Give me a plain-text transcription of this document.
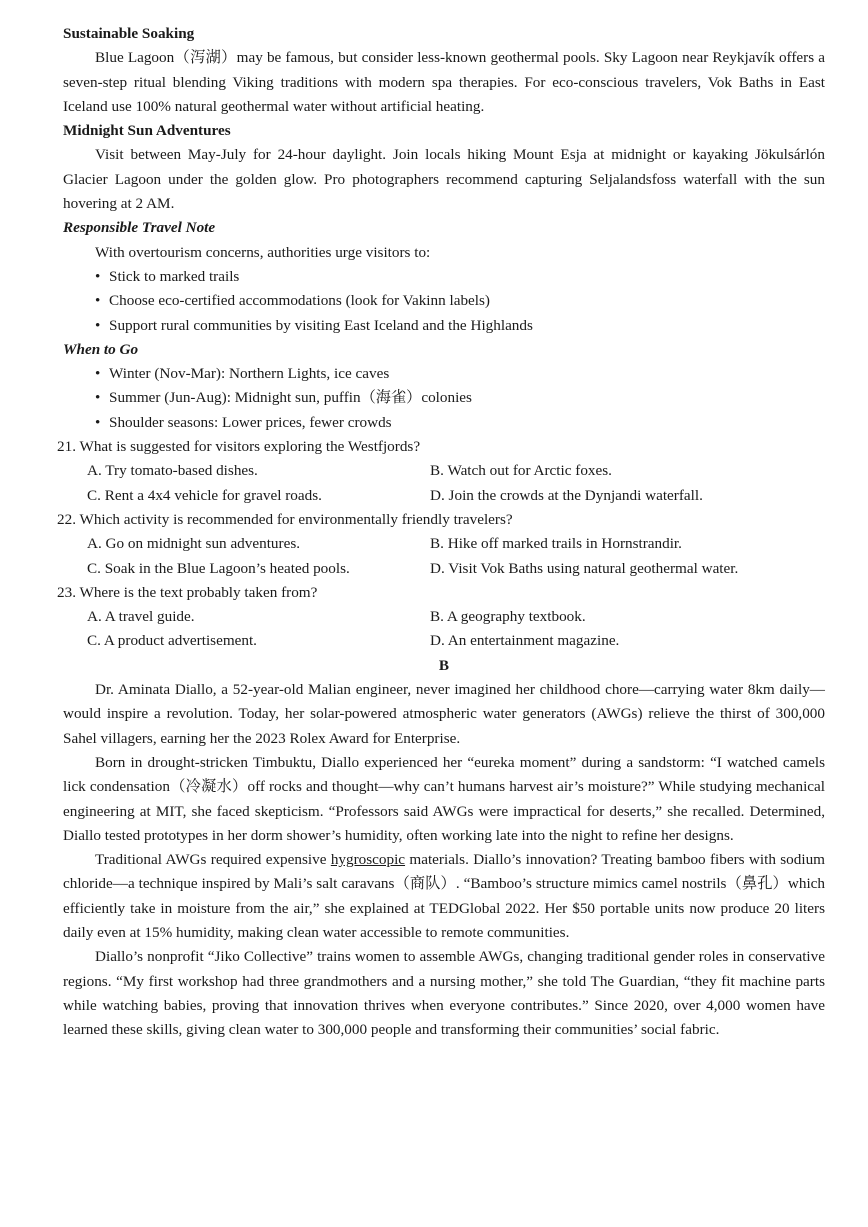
Sustainable Soaking

Blue Lagoon（泻湖）may be famous, but consider less-known geothermal pools. Sky Lagoon near Reykjavík offers a seven-step ritual blending Viking traditions with modern spa therapies. For eco-conscious travelers, Vok Baths in East Iceland use 100% natural geothermal water without artificial heating.

Midnight Sun Adventures

Visit between May-July for 24-hour daylight. Join locals hiking Mount Esja at midnight or kayaking Jökulsárlón Glacier Lagoon under the golden glow. Pro photographers recommend capturing Seljalandsfoss waterfall with the sun hovering at 2 AM.

Responsible Travel Note

With overtourism concerns, authorities urge visitors to:

• Stick to marked trails
• Choose eco-certified accommodations (look for Vakinn labels)
• Support rural communities by visiting East Iceland and the Highlands
When to Go
• Winter (Nov-Mar): Northern Lights, ice caves
• Summer (Jun-Aug): Midnight sun, puffin（海雀）colonies
• Shoulder seasons: Lower prices, fewer crowds
21. What is suggested for visitors exploring the Westfjords?
A. Try tomato-based dishes.	B. Watch out for Arctic foxes.
C. Rent a 4x4 vehicle for gravel roads.	D. Join the crowds at the Dynjandi waterfall.
22. Which activity is recommended for environmentally friendly travelers?
A. Go on midnight sun adventures.	B. Hike off marked trails in Hornstrandir.
C. Soak in the Blue Lagoon’s heated pools.	D. Visit Vok Baths using natural geothermal water.
23. Where is the text probably taken from?
A. A travel guide.	B. A geography textbook.
C. A product advertisement.	D. An entertainment magazine.
B

Dr. Aminata Diallo, a 52-year-old Malian engineer, never imagined her childhood chore—carrying water 8km daily—would inspire a revolution. Today, her solar-powered atmospheric water generators (AWGs) relieve the thirst of 300,000 Sahel villagers, earning her the 2023 Rolex Award for Enterprise.

Born in drought-stricken Timbuktu, Diallo experienced her “eureka moment” during a sandstorm: “I watched camels lick condensation（冷凝水）off rocks and thought—why can’t humans harvest air’s moisture?” While studying mechanical engineering at MIT, she faced skepticism. “Professors said AWGs were impractical for deserts,” she recalled. Determined, Diallo tested prototypes in her dorm shower’s humidity, often working late into the night to refine her designs.

Traditional AWGs required expensive hygroscopic materials. Diallo’s innovation? Treating bamboo fibers with sodium chloride—a technique inspired by Mali’s salt caravans（商队）. “Bamboo’s structure mimics camel nostrils（鼻孔）which efficiently take in moisture from the air,” she explained at TEDGlobal 2022. Her $50 portable units now produce 20 liters daily even at 15% humidity, making clean water accessible to remote communities.

Diallo’s nonprofit “Jiko Collective” trains women to assemble AWGs, changing traditional gender roles in conservative regions. “My first workshop had three grandmothers and a nursing mother,” she told The Guardian, “they fit machine parts while watching babies, proving that innovation thrives when everyone contributes.” Since 2020, over 4,000 women have learned these skills, giving clean water to 300,000 people and transforming their communities’ social fabric.
